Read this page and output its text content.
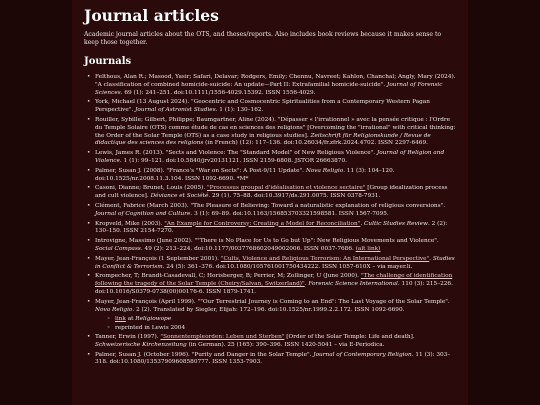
Journal articles

Academic journal articles about the OTS, and theses/reports. Also includes book reviews because it makes sense to keep those together.

Journals
• Felthous, Alan R.; Masood, Yasir; Safari, Delavar; Rodgers, Emily; Chennu, Navreet; Kahlon, Chanchal; Angly, Mary (2024). "A classification of combined homicide-suicide: An update—Part II: Extrafamilial homicide-suicide". Journal of Forensic Sciences. 69 (1): 241–251. doi:10.1111/1556-4029.15392. ISSN 1556-4029.
• York, Michael (13 August 2024). "Geocentric and Cosmocentric Spiritualities from a Contemporary Western Pagan Perspective". Journal of Astronist Studies. 1 (1): 130–162.
• Rouiller, Sybille; Gilbert, Philippe; Baumgartner, Aline (2024). "Dépasser « l'irrationnel » avec la pensée critique : l'Ordre du Temple Solaire (OTS) comme étude de cas en sciences des religions" [Overcoming the "irrational" with critical thinking: the Order of the Solar Temple (OTS) as a case study in religious studies]. Zeitschrift für Religionskunde / Revue de didactique des sciences des religions (in French) (12): 117–136. doi:10.26034/fr.zfrk.2024.4702. ISSN 2297-6469.
• Lewis, James R. (2013). "Sects and Violence: The "Standard Model" of New Religious Violence". Journal of Religion and Violence. 1 (1): 99–121. doi:10.5840/jrv20131121. ISSN 2159-6808. JSTOR 26663870.
• Palmer, Susan J. (2008). "France's "War on Sects": A Post-9/11 Update". Nova Religio. 11 (3): 104–120. doi:10.1525/nr.2008.11.3.104. ISSN 1092-6690. *M*
• Casoni, Dianne; Brunet, Louis (2005). "Processus groupal d'idéalisation et violence sectaire" [Group idealization process and cult violence]. Déviance et Société. 29 (1). 75–88. doi:10.3917/ds.291.0075. ISSN 0378-7931.
• Clément, Fabrice (March 2003). "The Pleasure of Believing: Toward a naturalistic explanation of religious conversions". Journal of Cognition and Culture. 3 (1): 69–89. doi:10.1163/156853703321598581. ISSN 1567-7095.
• Kropveld, Mike (2003). "An Example for Controversy: Creating a Model for Reconciliation". Cultic Studies Review. 2 (2): 130–150. ISSN 2154-7270.
• Introvigne, Massimo (June 2002). ""There is No Place for Us to Go but Up": New Religious Movements and Violence". Social Compass. 49 (2): 213–224. doi:10.1177/0037768602049002006. ISSN 0037-7686. (alt link)
• Mayer, Jean-François (1 September 2001). "Cults, Violence and Religious Terrorism: An International Perspective". Studies in Conflict & Terrorism. 24 (5): 361–376. doi:10.1080/105761001750434222. ISSN 1057-610X – via mayer.li.
• Krompecher, T; Brandt-Casadevall, C; Horisberger, B; Perrier, M; Zollinger, U (June 2000). "The challenge of identification following the tragedy of the Solar Temple (Cheiry/Salvan, Switzerland)". Forensic Science International. 110 (3): 215–226. doi:10.1016/S0379-0738(00)00176-6. ISSN 1879-1741.
• Mayer, Jean-François (April 1999). ""Our Terrestrial Journey is Coming to an End": The Last Voyage of the Solar Temple". Nova Religio. 2 (2). Translated by Siegler, Elijah: 172–196. doi:10.1525/nr.1999.2.2.172. ISSN 1092-6690.
◦ link at Religiowope
◦ reprinted in Lewis 2004
• Tanner, Erwin (1997). "Sonnentempleorden: Leben und Sterben" [Order of the Solar Temple: Life and death]. Schweizerische Kirchenzeitung (in German). 25 (165): 390–396. ISSN 1420-5041 – via E-Periodica.
• Palmer, Susan J. (October 1996). "Purity and Danger in the Solar Temple". Journal of Contemporary Religion. 11 (3): 303–318. doi:10.1080/13537909608580777. ISSN 1353-7903.
